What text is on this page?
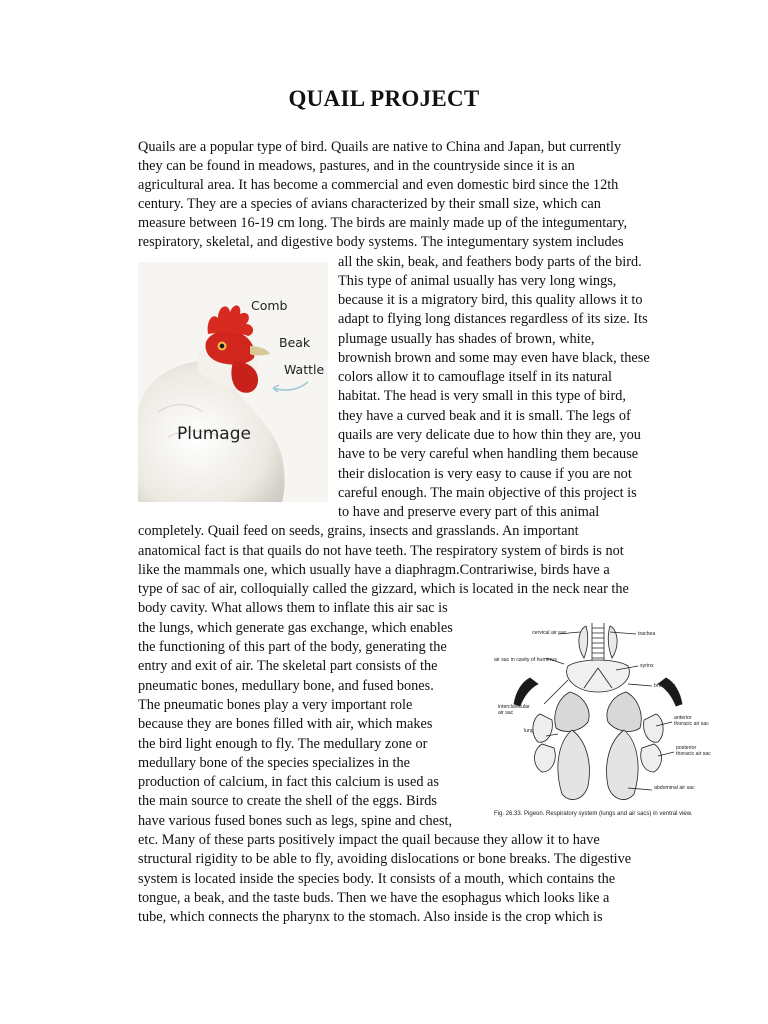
QUAIL PROJECT
Quails are a popular type of bird. Quails are native to China and Japan, but currently
they can be found in meadows, pastures, and in the countryside since it is an
agricultural area. It has become a commercial and even domestic bird since the 12th
century. They are a species of avians characterized by their small size, which can
measure between 16-19 cm long. The birds are mainly made up of the integumentary,
respiratory, skeletal, and digestive body systems. The integumentary system includes
all the skin, beak, and feathers body parts of the bird.
This type of animal usually has very long wings,
because it is a migratory bird, this quality allows it to
adapt to flying long distances regardless of its size. Its
plumage usually has shades of brown, white,
brownish brown and some may even have black, these
colors allow it to camouflage itself in its natural
habitat. The head is very small in this type of bird,
they have a curved beak and it is small. The legs of
quails are very delicate due to how thin they are, you
have to be very careful when handling them because
their dislocation is very easy to cause if you are not
careful enough. The main objective of this project is
to have and preserve every part of this animal
completely. Quail feed on seeds, grains, insects and grasslands. An important
anatomical fact is that quails do not have teeth. The respiratory system of birds is not
like the mammals one, which usually have a diaphragm.Contrariwise, birds have a
type of sac of air, colloquially called the gizzard, which is located in the neck near the
body cavity. What allows them to inflate this air sac is
the lungs, which generate gas exchange, which enables
the functioning of this part of the body, generating the
entry and exit of air. The skeletal part consists of the
pneumatic bones, medullary bone, and fused bones.
The pneumatic bones play a very important role
because they are bones filled with air, which makes
the bird light enough to fly. The medullary zone or
medullary bone of the species specializes in the
production of calcium, in fact this calcium is used as
the main source to create the shell of the eggs. Birds
have various fused bones such as legs, spine and chest,
etc. Many of these parts positively impact the quail because they allow it to have
structural rigidity to be able to fly, avoiding dislocations or bone breaks. The digestive
system is located inside the species body. It consists of a mouth, which contains the
tongue, a beak, and the taste buds. Then we have the esophagus which looks like a
tube, which connects the pharynx to the stomach. Also inside is the crop which is
Comb
Beak
Wattle
Plumage
cervical air sac	trachea
air sac in cavity of humerus
syrinx
bronchus
interclavicular
air sac
anterior
thoracic air sac
lung
posterior
thoracic air sac
abdominal air sac
Fig. 26.33. Pigeon. Respiratory system (lungs and air sacs) in ventral view.
